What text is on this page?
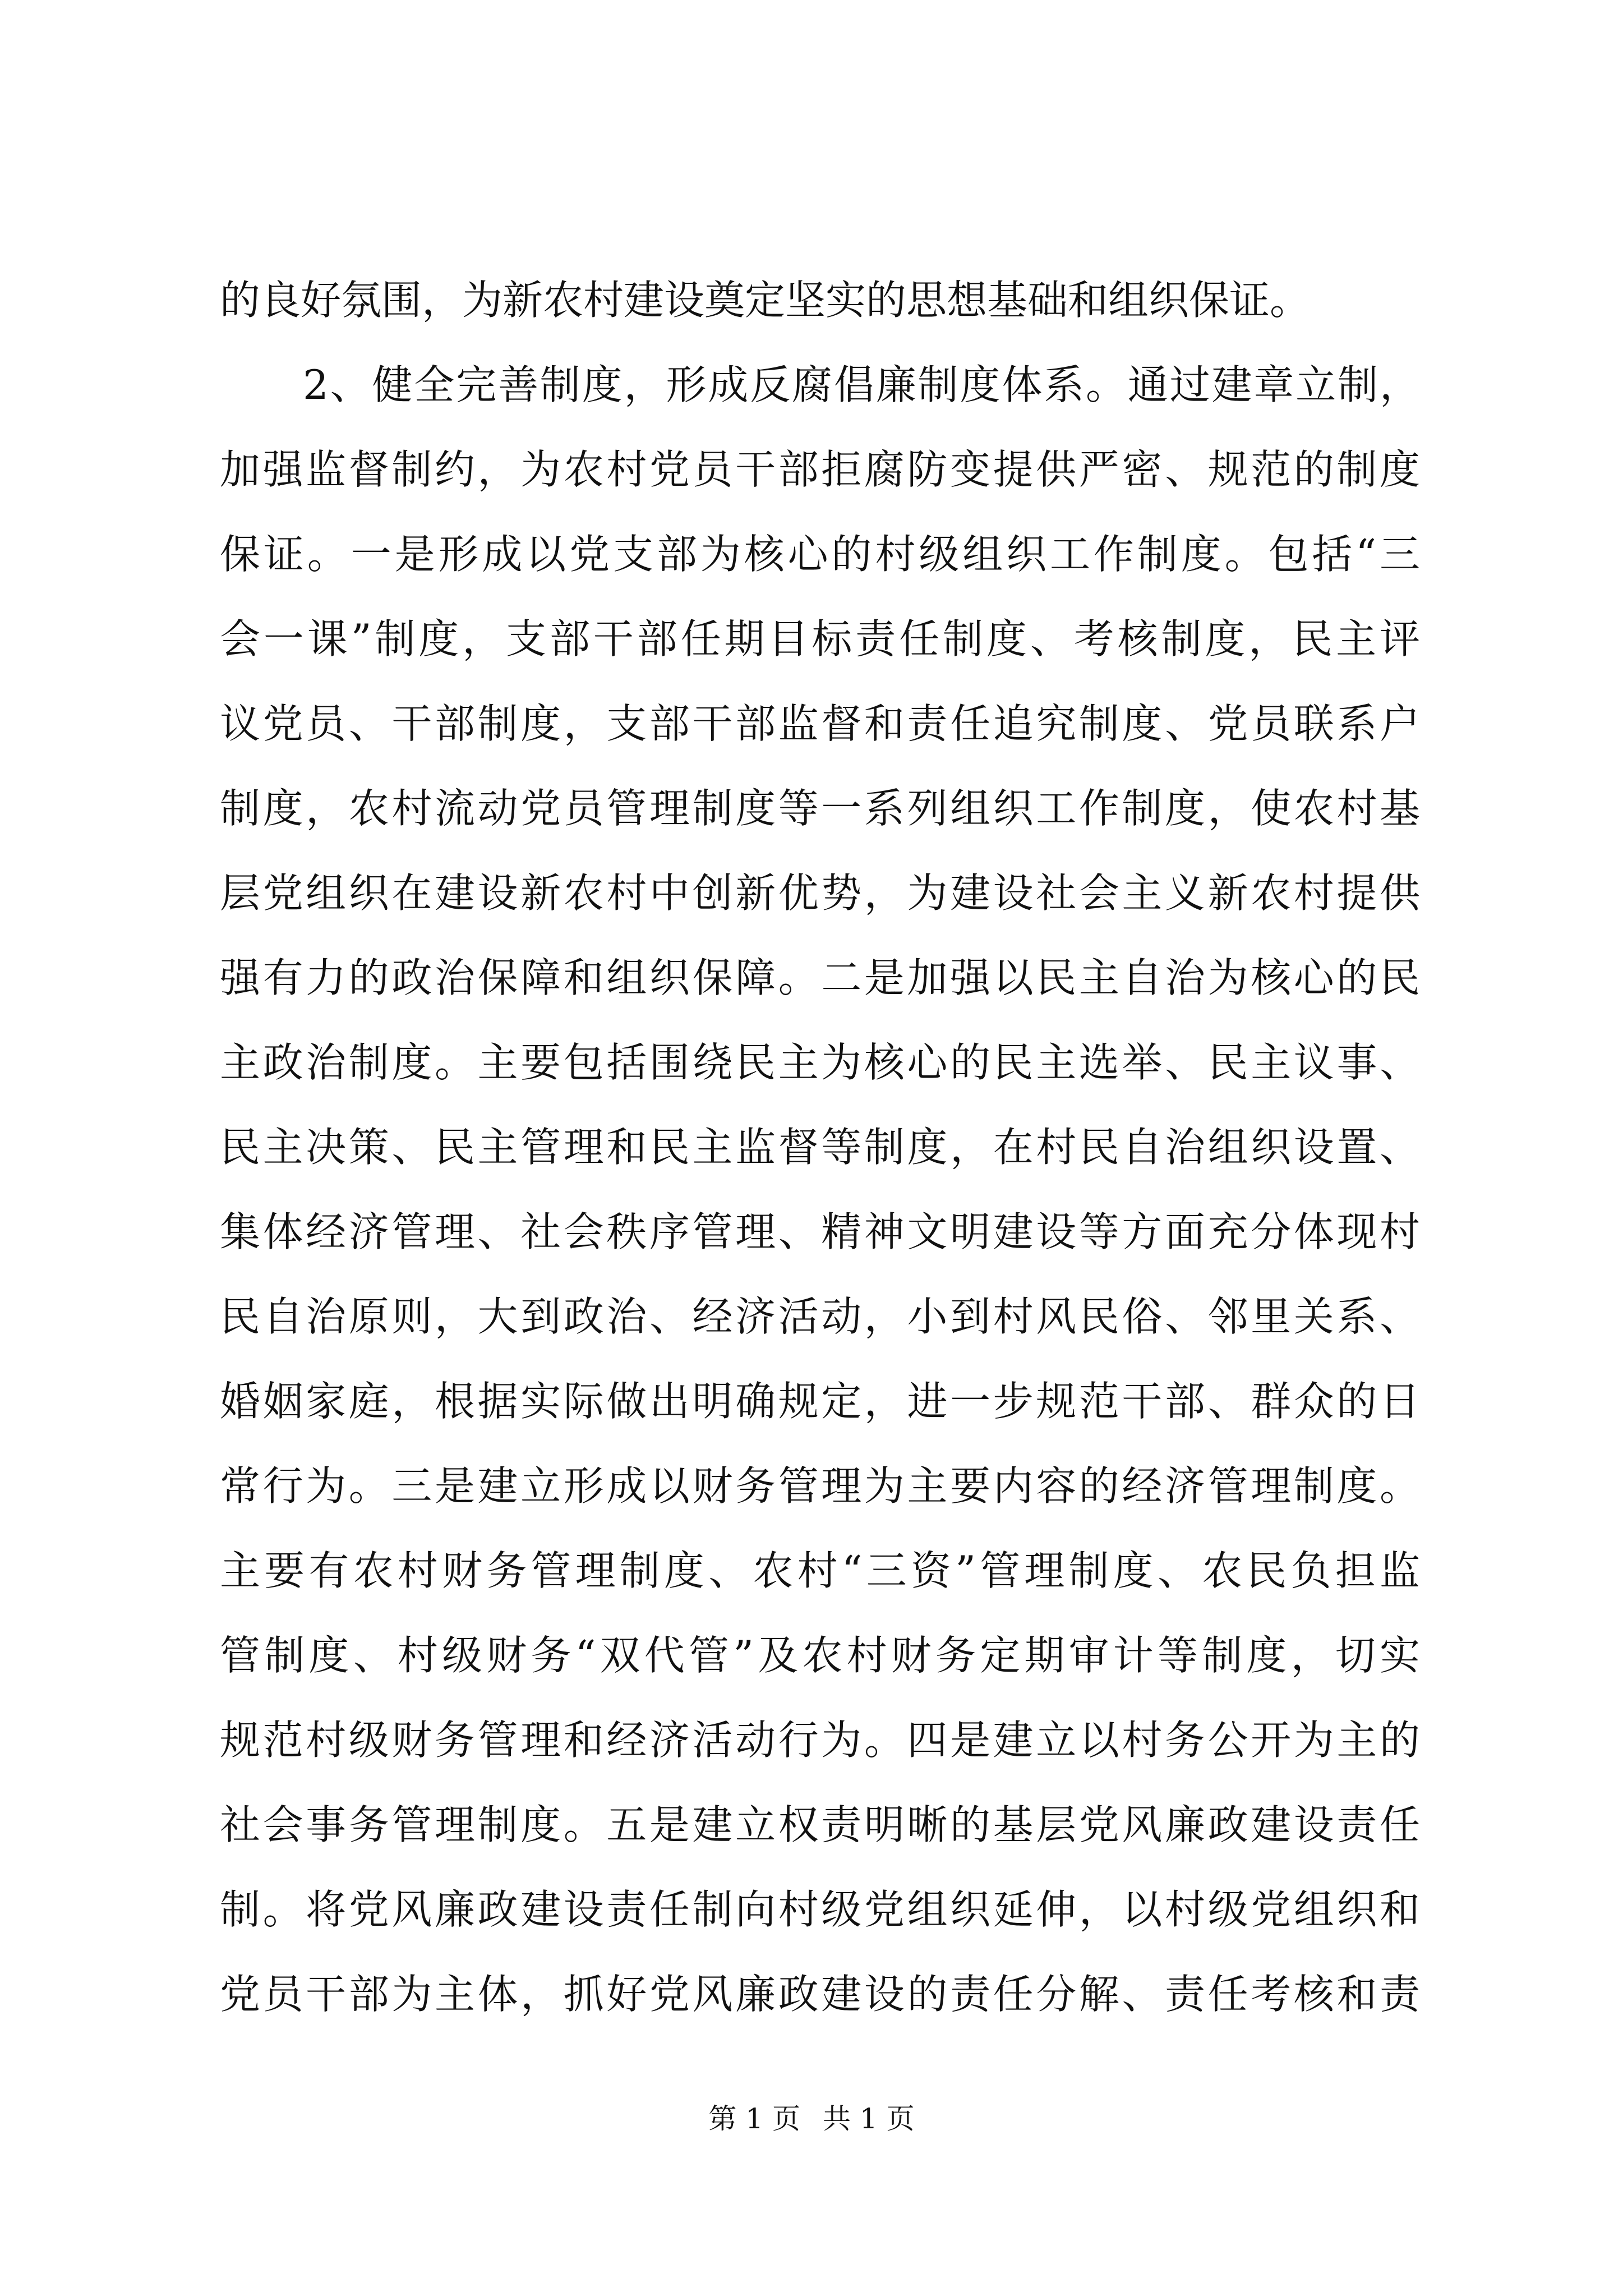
的良好氛围，为新农村建设奠定坚实的思想基础和组织保证。
2、健全完善制度，形成反腐倡廉制度体系。通过建章立制，
加强监督制约，为农村党员干部拒腐防变提供严密、规范的制度
保证。一是形成以党支部为核心的村级组织工作制度。包括“三
会一课”制度，支部干部任期目标责任制度、考核制度，民主评
议党员、干部制度，支部干部监督和责任追究制度、党员联系户
制度，农村流动党员管理制度等一系列组织工作制度，使农村基
层党组织在建设新农村中创新优势，为建设社会主义新农村提供
强有力的政治保障和组织保障。二是加强以民主自治为核心的民
主政治制度。主要包括围绕民主为核心的民主选举、民主议事、
民主决策、民主管理和民主监督等制度，在村民自治组织设置、
集体经济管理、社会秩序管理、精神文明建设等方面充分体现村
民自治原则，大到政治、经济活动，小到村风民俗、邻里关系、
婚姻家庭，根据实际做出明确规定，进一步规范干部、群众的日
常行为。三是建立形成以财务管理为主要内容的经济管理制度。
主要有农村财务管理制度、农村“三资”管理制度、农民负担监
管制度、村级财务“双代管”及农村财务定期审计等制度，切实
规范村级财务管理和经济活动行为。四是建立以村务公开为主的
社会事务管理制度。五是建立权责明晰的基层党风廉政建设责任
制。将党风廉政建设责任制向村级党组织延伸，以村级党组织和
党员干部为主体，抓好党风廉政建设的责任分解、责任考核和责
第 1 页 共 1 页
